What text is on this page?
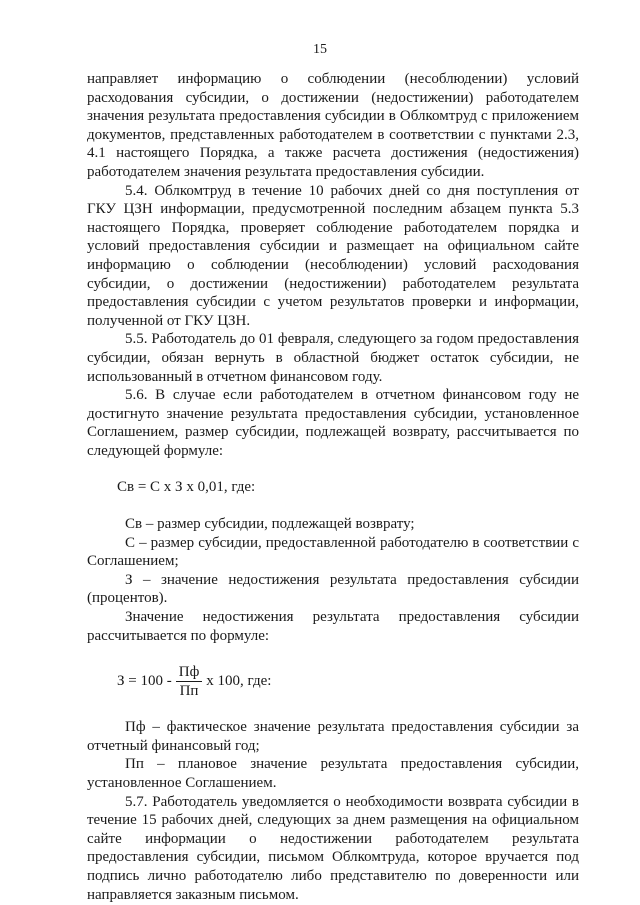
15

направляет информацию о соблюдении (несоблюдении) условий расходования субсидии, о достижении (недостижении) работодателем значения результата предоставления субсидии в Облкомтруд с приложением документов, представленных работодателем в соответствии с пунктами 2.3, 4.1 настоящего Порядка, а также расчета достижения (недостижения) работодателем значения результата предоставления субсидии.

5.4. Облкомтруд в течение 10 рабочих дней со дня поступления от ГКУ ЦЗН информации, предусмотренной последним абзацем пункта 5.3 настоящего Порядка, проверяет соблюдение работодателем порядка и условий предоставления субсидии и размещает на официальном сайте информацию о соблюдении (несоблюдении) условий расходования субсидии, о достижении (недостижении) работодателем результата предоставления субсидии с учетом результатов проверки и информации, полученной от ГКУ ЦЗН.

5.5. Работодатель до 01 февраля, следующего за годом предоставления субсидии, обязан вернуть в областной бюджет остаток субсидии, не использованный в отчетном финансовом году.

5.6. В случае если работодателем в отчетном финансовом году не достигнуто значение результата предоставления субсидии, установленное Соглашением, размер субсидии, подлежащей возврату, рассчитывается по следующей формуле:

Св = С х З х 0,01, где:

Св – размер субсидии, подлежащей возврату;

С – размер субсидии, предоставленной работодателю в соответствии с Соглашением;

З – значение недостижения результата предоставления субсидии (процентов).

Значение недостижения результата предоставления субсидии рассчитывается по формуле:

$З = 100 - \frac{Пф}{Пп}$ х 100, где:

Пф – фактическое значение результата предоставления субсидии за отчетный финансовый год;

Пп – плановое значение результата предоставления субсидии, установленное Соглашением.

5.7. Работодатель уведомляется о необходимости возврата субсидии в течение 15 рабочих дней, следующих за днем размещения на официальном сайте информации о недостижении работодателем результата предоставления субсидии, письмом Облкомтруда, которое вручается под подпись лично работодателю либо представителю по доверенности или направляется заказным письмом.
